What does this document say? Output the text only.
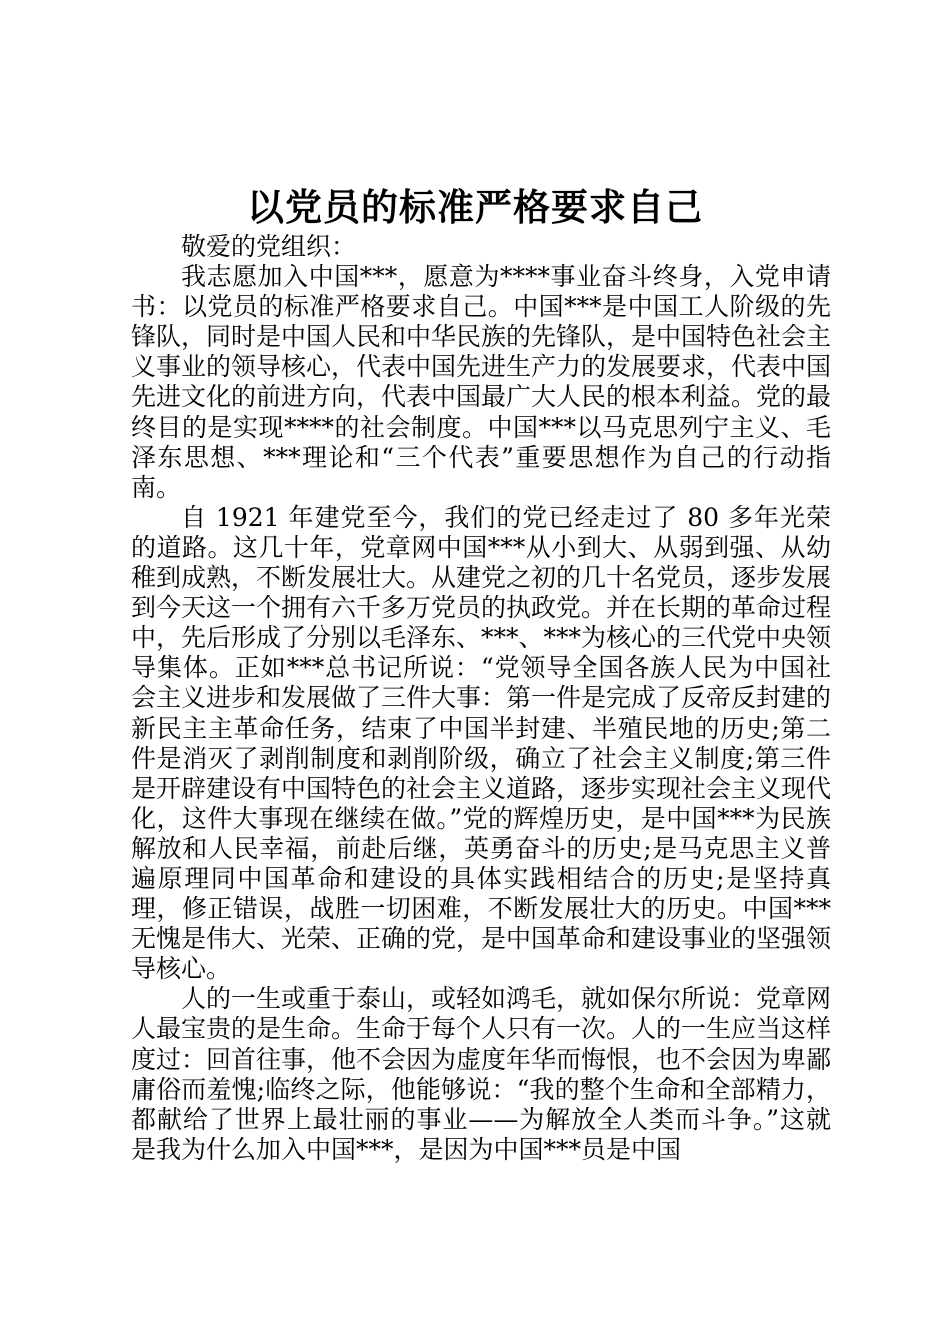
以党员的标准严格要求自己

敬爱的党组织：

我志愿加入中国***，愿意为****事业奋斗终身，入党申请书：以党员的标准严格要求自己。中国***是中国工人阶级的先锋队，同时是中国人民和中华民族的先锋队，是中国特色社会主义事业的领导核心，代表中国先进生产力的发展要求，代表中国先进文化的前进方向，代表中国最广大人民的根本利益。党的最终目的是实现****的社会制度。中国***以马克思列宁主义、毛泽东思想、***理论和“三个代表”重要思想作为自己的行动指南。

自 1921 年建党至今，我们的党已经走过了 80 多年光荣的道路。这几十年，党章网中国***从小到大、从弱到强、从幼稚到成熟，不断发展壮大。从建党之初的几十名党员，逐步发展到今天这一个拥有六千多万党员的执政党。并在长期的革命过程中，先后形成了分别以毛泽东、***、***为核心的三代党中央领导集体。正如***总书记所说：“党领导全国各族人民为中国社会主义进步和发展做了三件大事：第一件是完成了反帝反封建的新民主主革命任务，结束了中国半封建、半殖民地的历史;第二件是消灭了剥削制度和剥削阶级，确立了社会主义制度;第三件是开辟建设有中国特色的社会主义道路，逐步实现社会主义现代化，这件大事现在继续在做。”党的辉煌历史，是中国***为民族解放和人民幸福，前赴后继，英勇奋斗的历史;是马克思主义普遍原理同中国革命和建设的具体实践相结合的历史;是坚持真理，修正错误，战胜一切困难，不断发展壮大的历史。中国***无愧是伟大、光荣、正确的党，是中国革命和建设事业的坚强领导核心。

人的一生或重于泰山，或轻如鸿毛，就如保尔所说：党章网人最宝贵的是生命。生命于每个人只有一次。人的一生应当这样度过：回首往事，他不会因为虚度年华而悔恨，也不会因为卑鄙庸俗而羞愧;临终之际，他能够说：“我的整个生命和全部精力，都献给了世界上最壮丽的事业——为解放全人类而斗争。”这就是我为什么加入中国***，是因为中国***员是中国
